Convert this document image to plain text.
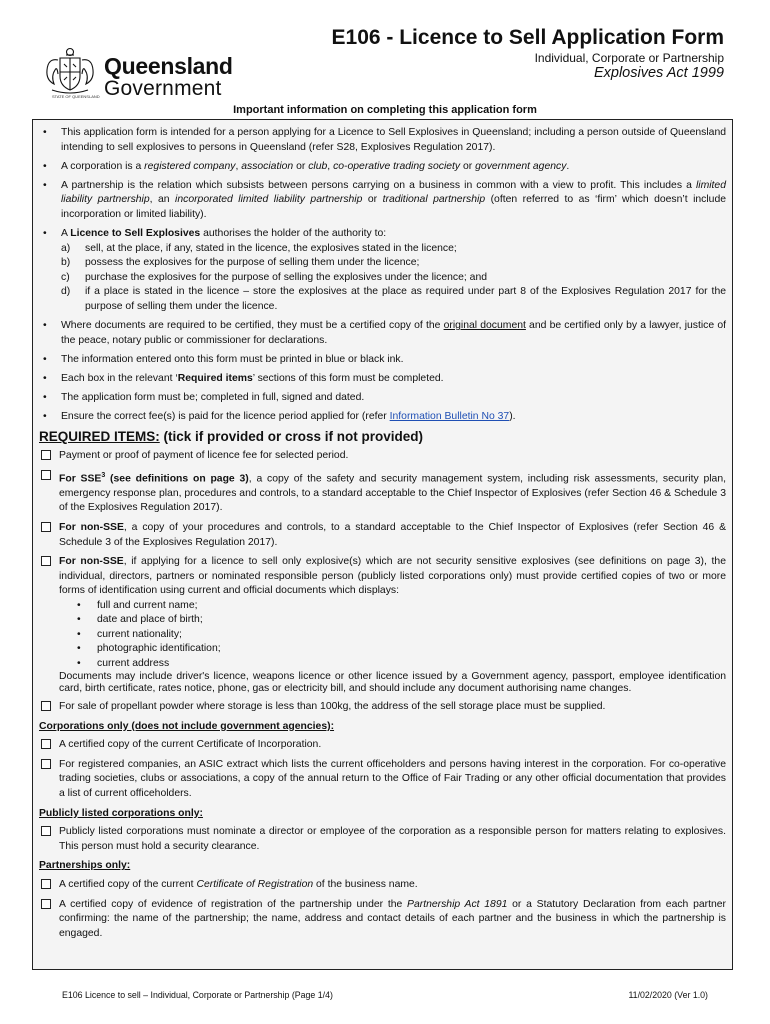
STATE OF QUEENSLAND
Queensland
Government
E106 - Licence to Sell Application Form
Individual, Corporate or Partnership
Explosives Act 1999
Important information on completing this application form
• This application form is intended for a person applying for a Licence to Sell Explosives in Queensland; including a person outside of Queensland intending to sell explosives to persons in Queensland (refer S28, Explosives Regulation 2017).
• A corporation is a registered company, association or club, co-operative trading society or government agency.
• A partnership is the relation which subsists between persons carrying on a business in common with a view to profit. This includes a limited liability partnership, an incorporated limited liability partnership or traditional partnership (often referred to as ‘firm’ which doesn’t include incorporation or limited liability).
• A Licence to Sell Explosives authorises the holder of the authority to:
a) sell, at the place, if any, stated in the licence, the explosives stated in the licence;
b) possess the explosives for the purpose of selling them under the licence;
c) purchase the explosives for the purpose of selling the explosives under the licence; and
d) if a place is stated in the licence – store the explosives at the place as required under part 8 of the Explosives Regulation 2017 for the purpose of selling them under the licence.
• Where documents are required to be certified, they must be a certified copy of the original document and be certified only by a lawyer, justice of the peace, notary public or commissioner for declarations.
• The information entered onto this form must be printed in blue or black ink.
• Each box in the relevant ‘Required items’ sections of this form must be completed.
• The application form must be; completed in full, signed and dated.
• Ensure the correct fee(s) is paid for the licence period applied for (refer Information Bulletin No 37).
REQUIRED ITEMS: (tick if provided or cross if not provided)
Payment or proof of payment of licence fee for selected period.
For SSE$^3$ (see definitions on page 3), a copy of the safety and security management system, including risk assessments, security plan, emergency response plan, procedures and controls, to a standard acceptable to the Chief Inspector of Explosives (refer Section 46 & Schedule 3 of the Explosives Regulation 2017).
For non-SSE, a copy of your procedures and controls, to a standard acceptable to the Chief Inspector of Explosives (refer Section 46 & Schedule 3 of the Explosives Regulation 2017).
For non-SSE, if applying for a licence to sell only explosive(s) which are not security sensitive explosives (see definitions on page 3), the individual, directors, partners or nominated responsible person (publicly listed corporations only) must provide certified copies of two or more forms of identification using current and official documents which displays:
• full and current name;
• date and place of birth;
• current nationality;
• photographic identification;
• current address
Documents may include driver's licence, weapons licence or other licence issued by a Government agency, passport, employee identification card, birth certificate, rates notice, phone, gas or electricity bill, and should include any document authorising name changes.
For sale of propellant powder where storage is less than 100kg, the address of the sell storage place must be supplied.
Corporations only (does not include government agencies):
A certified copy of the current Certificate of Incorporation.
For registered companies, an ASIC extract which lists the current officeholders and persons having interest in the corporation. For co-operative trading societies, clubs or associations, a copy of the annual return to the Office of Fair Trading or any other official documentation that provides a list of current officeholders.
Publicly listed corporations only:
Publicly listed corporations must nominate a director or employee of the corporation as a responsible person for matters relating to explosives. This person must hold a security clearance.
Partnerships only:
A certified copy of the current Certificate of Registration of the business name.
A certified copy of evidence of registration of the partnership under the Partnership Act 1891 or a Statutory Declaration from each partner confirming: the name of the partnership; the name, address and contact details of each partner and the business in which the partnership is engaged.
E106 Licence to sell – Individual, Corporate or Partnership (Page 1/4)	11/02/2020 (Ver 1.0)
